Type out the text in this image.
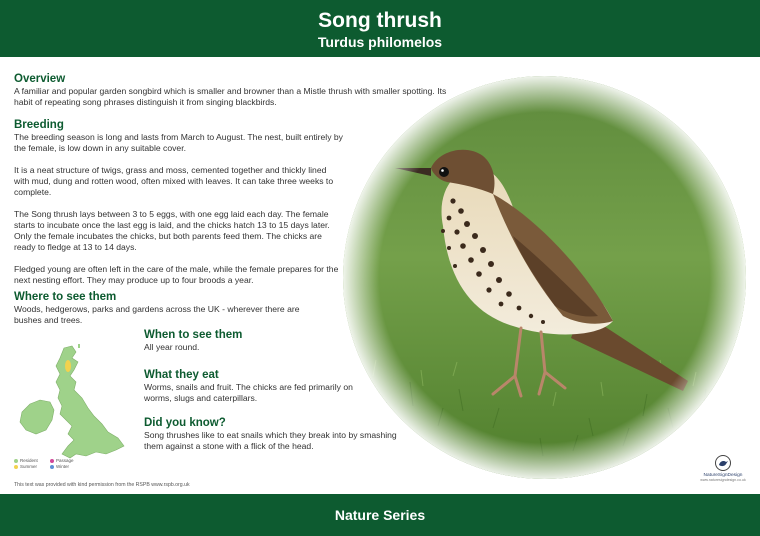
Song thrush
Turdus philomelos
Overview
A familiar and popular garden songbird which is smaller and browner than a Mistle thrush with smaller spotting. Its habit of repeating song phrases distinguish it from singing blackbirds.
Breeding
The breeding season is long and lasts from March to August. The nest, built entirely by the female, is low down in any suitable cover.
It is a neat structure of twigs, grass and moss, cemented together and thickly lined with mud, dung and rotten wood, often mixed with leaves. It can take three weeks to complete.
The Song thrush lays between 3 to 5 eggs, with one egg laid each day. The female starts to incubate once the last egg is laid, and the chicks hatch 13 to 15 days later. Only the female incubates the chicks, but both parents feed them. The chicks are ready to fledge at 13 to 14 days.
Fledged young are often left in the care of the male, while the female prepares for the next nesting effort. They may produce up to four broods a year.
Where to see them
Woods, hedgerows, parks and gardens across the UK - wherever there are bushes and trees.
Resident	PassageSummer	Winter
When to see them
All year round.
What they eat
Worms, snails and fruit. The chicks are fed primarily on worms, slugs and caterpillars.
Did you know?
Song thrushes like to eat snails which they break into by smashing them against a stone with a flick of the head.
This text was provided with kind permission from the RSPB www.rspb.org.uk
NatureSignDesign
www.naturesigndesign.co.uk
Nature Series
